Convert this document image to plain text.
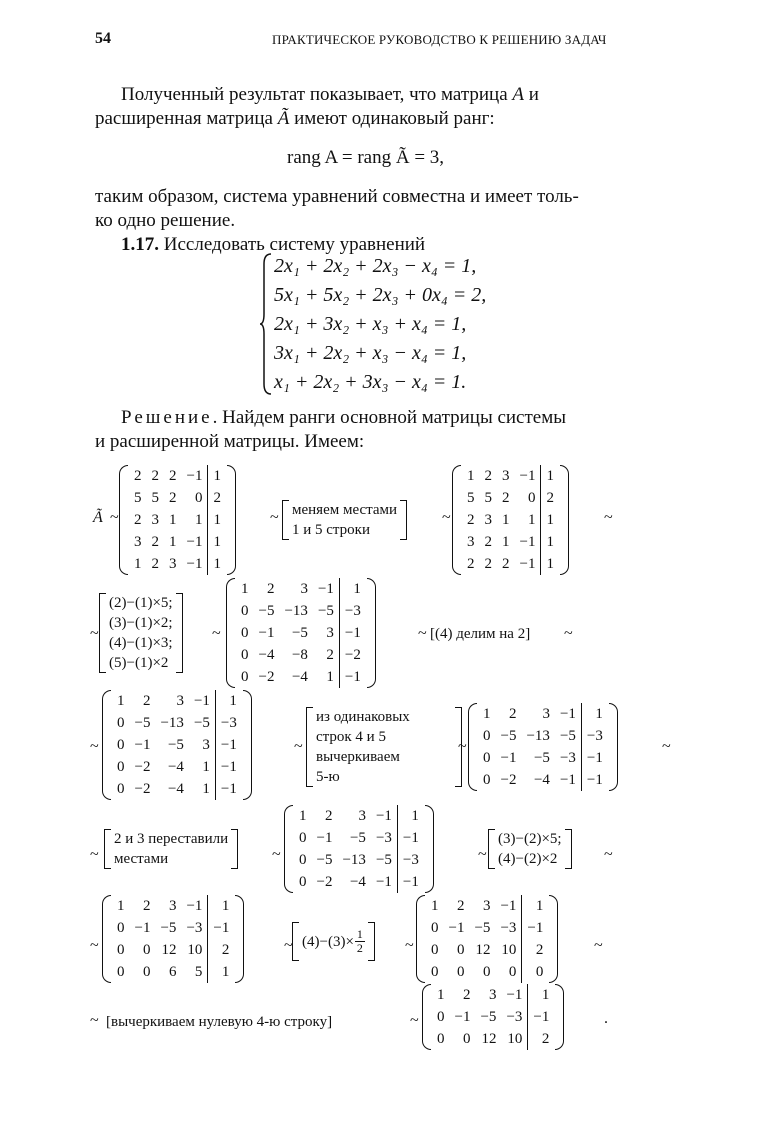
54	ПРАКТИЧЕСКОЕ РУКОВОДСТВО К РЕШЕНИЮ ЗАДАЧ
Полученный результат показывает, что матрица A и
расширенная матрица Ã имеют одинаковый ранг:
rang A = rang Ã = 3,
таким образом, система уравнений совместна и имеет толь-
ко одно решение.
1.17. Исследовать систему уравнений
2x₁ + 2x₂ + 2x₃ − x₄ = 1,
5x₁ + 5x₂ + 2x₃ + 0x₄ = 2,
2x₁ + 3x₂ + x₃ + x₄ = 1,
3x₁ + 2x₂ + x₃ − x₄ = 1,
x₁ + 2x₂ + 3x₃ − x₄ = 1.
Решение. Найдем ранги основной матрицы системы
и расширенной матрицы. Имеем:
Ã ~
2	2	2	−1	1
5	5	2	0	2
2	3	1	1	1
3	2	1	−1	1
1	2	3	−1	1
~ меняем местами
1 и 5 строки
~
1	2	3	−1	1
5	5	2	0	2
2	3	1	1	1
3	2	1	−1	1
2	2	2	−1	1
~
~
(2)−(1)×5;
(3)−(1)×2;
(4)−(1)×3;
(5)−(1)×2
~
1	2	3	−1	1
0	−5	−13	−5	−3
0	−1	−5	3	−1
0	−4	−8	2	−2
0	−2	−4	1	−1
~ [(4) делим на 2] ~
~
1	2	3	−1	1
0	−5	−13	−5	−3
0	−1	−5	3	−1
0	−2	−4	1	−1
0	−2	−4	1	−1
~
из одинаковых
строк 4 и 5
вычеркиваем
5-ю
~
1	2	3	−1	1
0	−5	−13	−5	−3
0	−1	−5	−3	−1
0	−2	−4	−1	−1
~
~
2 и 3 переставили
местами	~
1	2	3	−1	1
0	−1	−5	−3	−1
0	−5	−13	−5	−3
0	−2	−4	−1	−1
~
(3)−(2)×5;
(4)−(2)×2	~
~
1	2	3	−1	1
0	−1	−5	−3	−1
0	0	12	10	2
0	0	6	5	1
~ $(4)-(3)\times \frac{1}{2}$	~
1	2	3	−1	1
0	−1	−5	−3	−1
0	0	12	10	2
0	0	0	0	0
~
~ [вычеркиваем нулевую 4-ю строку]	~
1	2	3	−1	1
0	−1	−5	−3	−1
0	0	12	10	2
.
